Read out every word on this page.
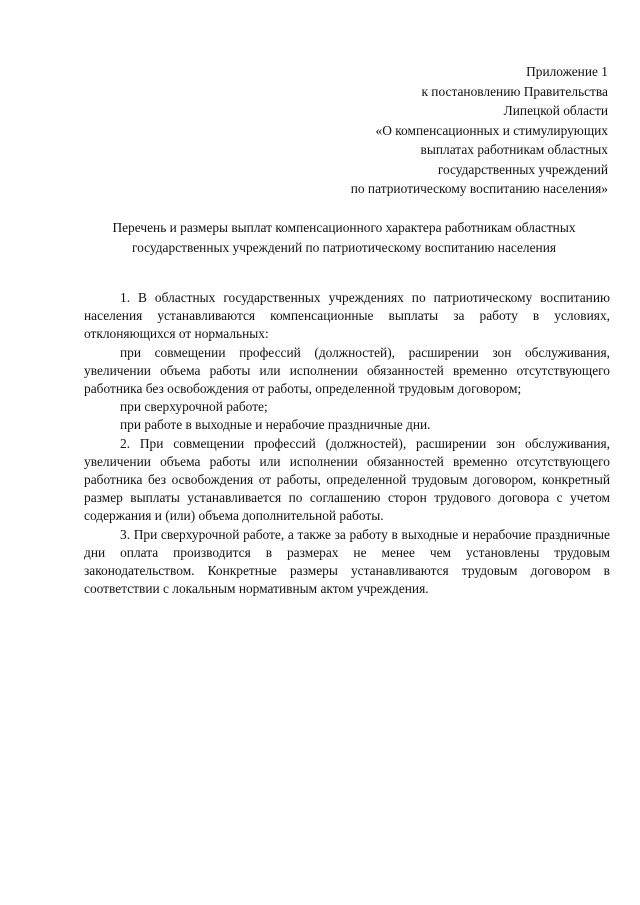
Приложение 1
к постановлению Правительства
Липецкой области
«О компенсационных и стимулирующих
выплатах работникам областных
государственных учреждений
по патриотическому воспитанию населения»
Перечень и размеры выплат компенсационного характера работникам областных государственных учреждений по патриотическому воспитанию населения

1. В областных государственных учреждениях по патриотическому воспитанию населения устанавливаются компенсационные выплаты за работу в условиях, отклоняющихся от нормальных:

при совмещении профессий (должностей), расширении зон обслуживания, увеличении объема работы или исполнении обязанностей временно отсутствующего работника без освобождения от работы, определенной трудовым договором;

при сверхурочной работе;

при работе в выходные и нерабочие праздничные дни.

2. При совмещении профессий (должностей), расширении зон обслуживания, увеличении объема работы или исполнении обязанностей временно отсутствующего работника без освобождения от работы, определенной трудовым договором, конкретный размер выплаты устанавливается по соглашению сторон трудового договора с учетом содержания и (или) объема дополнительной работы.

3. При сверхурочной работе, а также за работу в выходные и нерабочие праздничные дни оплата производится в размерах не менее чем установлены трудовым законодательством. Конкретные размеры устанавливаются трудовым договором в соответствии с локальным нормативным актом учреждения.
